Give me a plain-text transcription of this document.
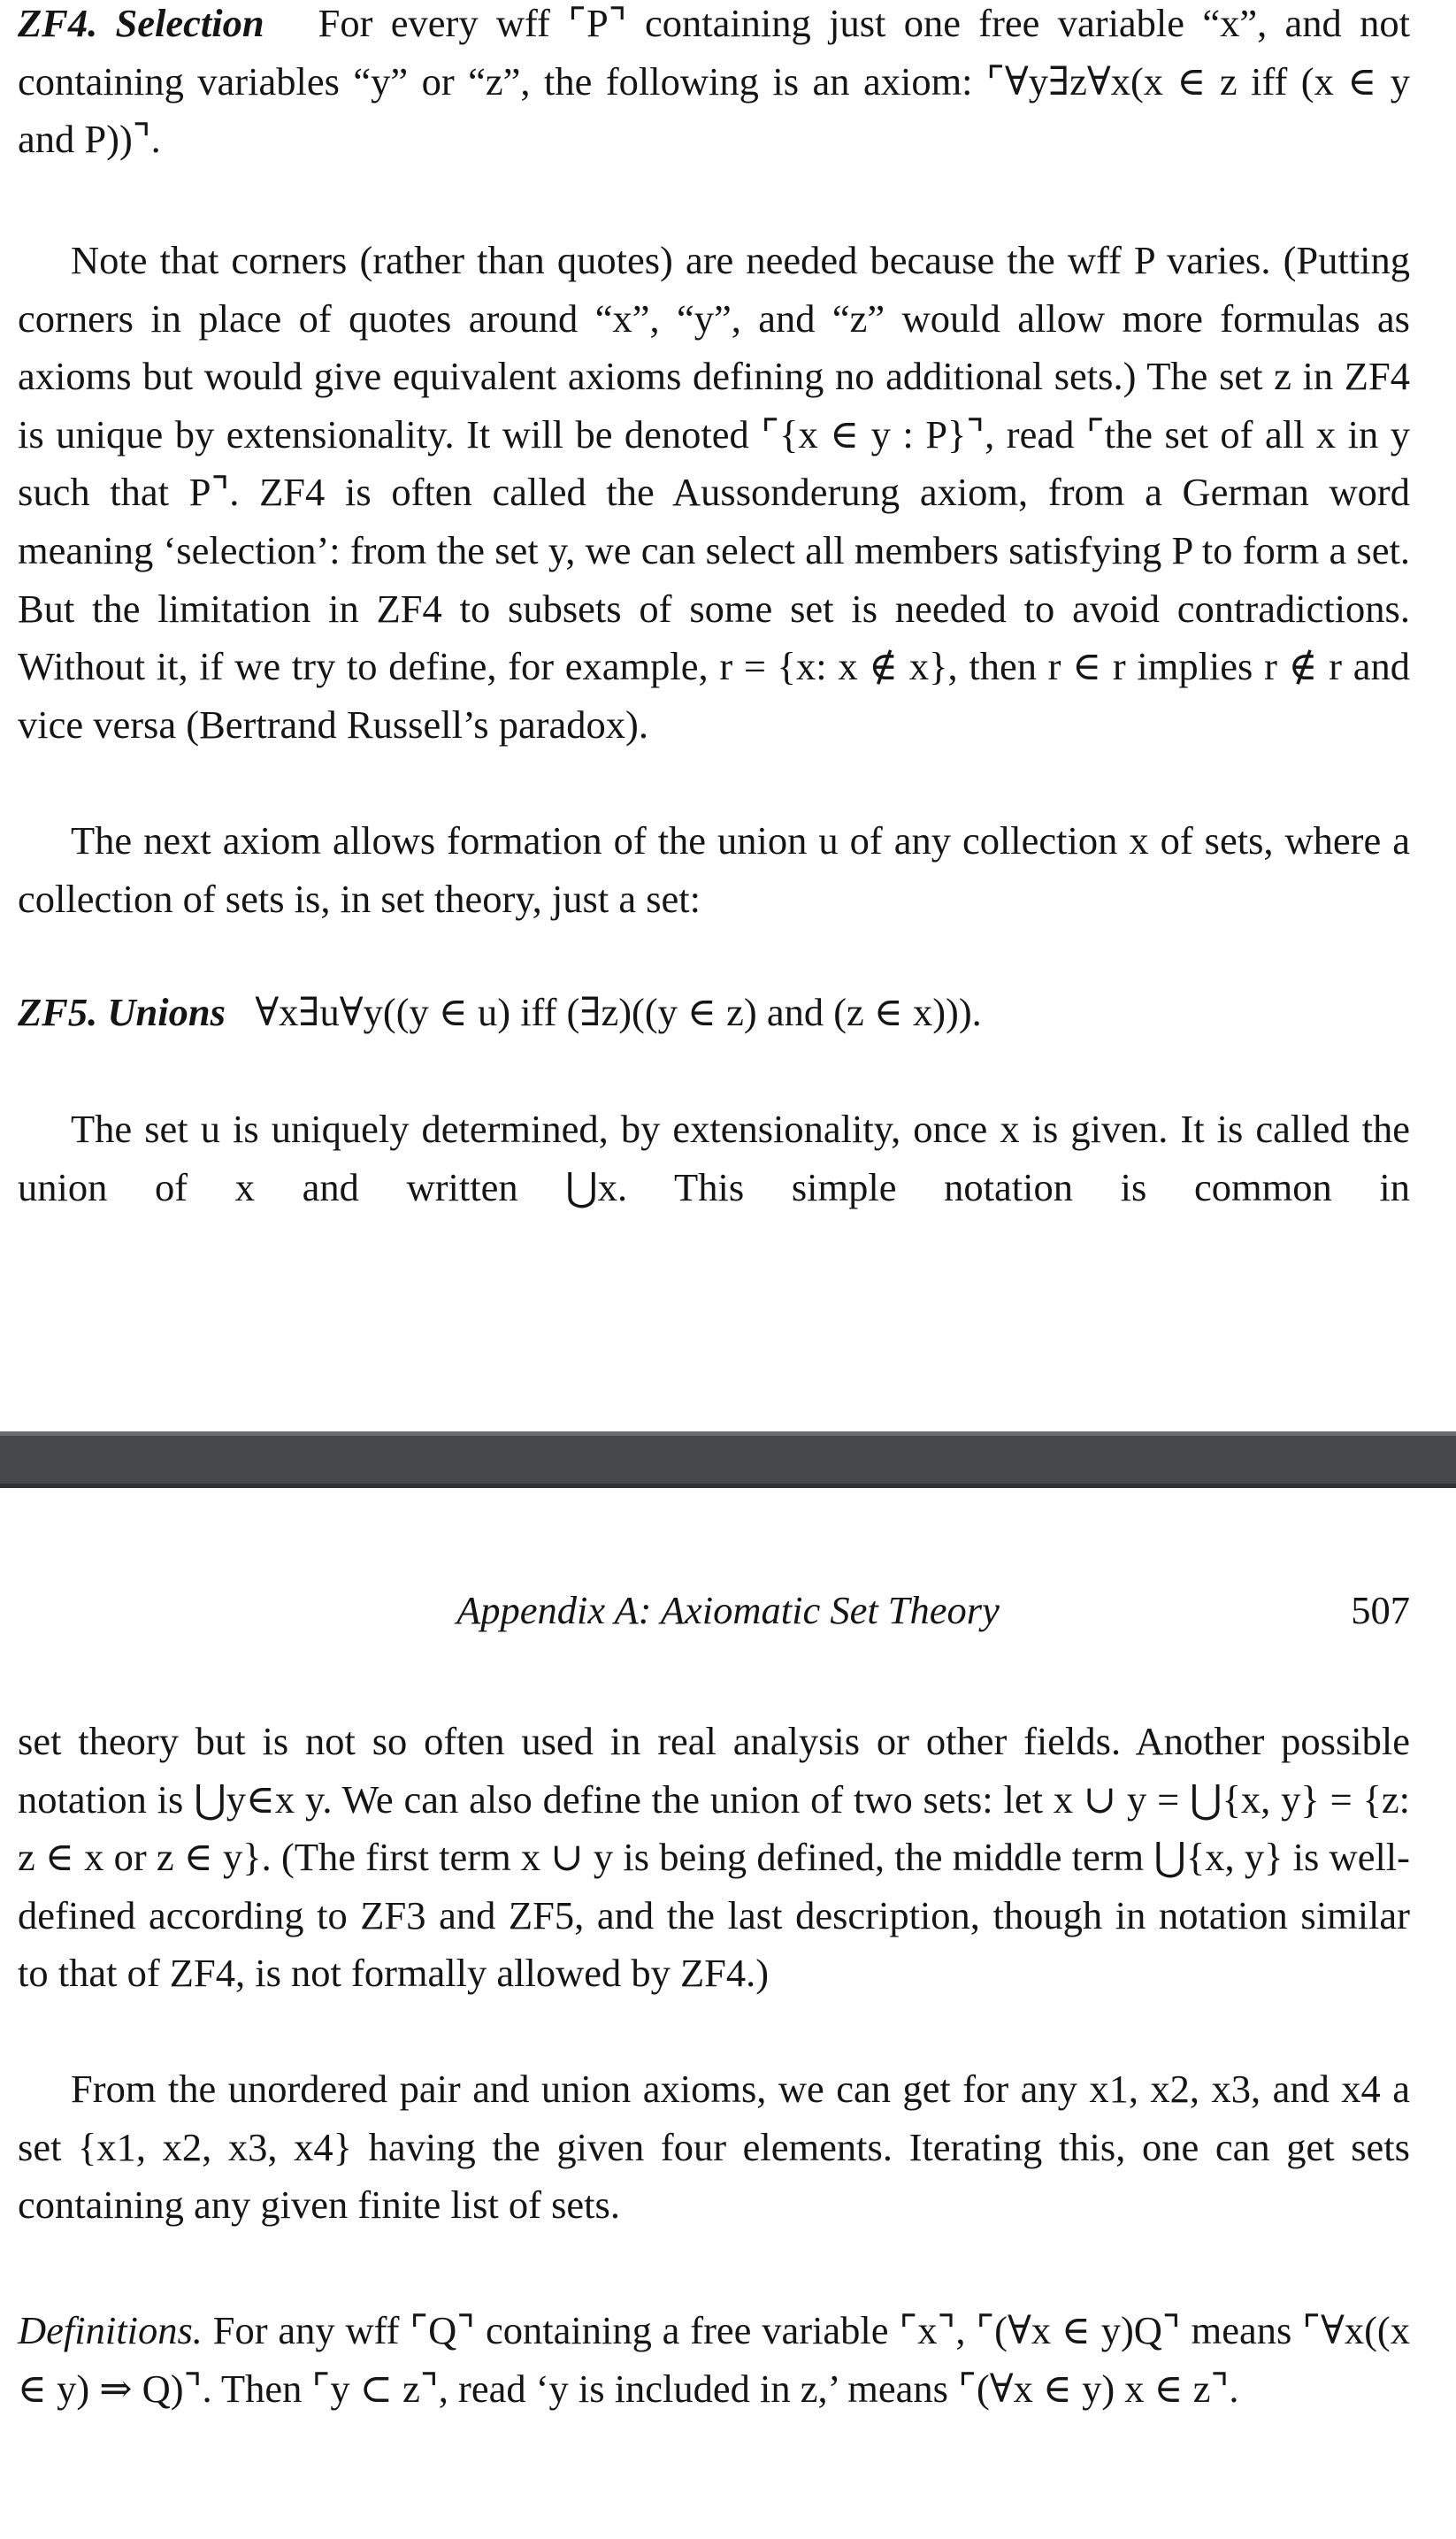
ZF4. Selection For every wff ⌜P⌝ containing just one free variable “x”, and not containing variables “y” or “z”, the following is an axiom: ⌜∀y∃z∀x(x ∈ z iff (x ∈ y and P))⌝.

Note that corners (rather than quotes) are needed because the wff P varies. (Putting corners in place of quotes around “x”, “y”, and “z” would allow more formulas as axioms but would give equivalent axioms defining no additional sets.) The set z in ZF4 is unique by extensionality. It will be denoted ⌜{x ∈ y : P}⌝, read ⌜the set of all x in y such that P⌝. ZF4 is often called the Aussonderung axiom, from a German word meaning ‘selection’: from the set y, we can select all members satisfying P to form a set. But the limitation in ZF4 to subsets of some set is needed to avoid contradictions. Without it, if we try to define, for example, r = {x: x ∉ x}, then r ∈ r implies r ∉ r and vice versa (Bertrand Russell’s paradox).

The next axiom allows formation of the union u of any collection x of sets, where a collection of sets is, in set theory, just a set:

ZF5. Unions ∀x∃u∀y((y ∈ u) iff (∃z)((y ∈ z) and (z ∈ x))).

The set u is uniquely determined, by extensionality, once x is given. It is called the union of x and written ⋃x. This simple notation is common in

Appendix A: Axiomatic Set Theory	507

set theory but is not so often used in real analysis or other fields. Another possible notation is ⋃y∈x y. We can also define the union of two sets: let x ∪ y = ⋃{x, y} = {z: z ∈ x or z ∈ y}. (The first term x ∪ y is being defined, the middle term ⋃{x, y} is well-defined according to ZF3 and ZF5, and the last description, though in notation similar to that of ZF4, is not formally allowed by ZF4.)

From the unordered pair and union axioms, we can get for any x1, x2, x3, and x4 a set {x1, x2, x3, x4} having the given four elements. Iterating this, one can get sets containing any given finite list of sets.

Definitions. For any wff ⌜Q⌝ containing a free variable ⌜x⌝, ⌜(∀x ∈ y)Q⌝ means ⌜∀x((x ∈ y) ⇒ Q)⌝. Then ⌜y ⊂ z⌝, read ‘y is included in z,’ means ⌜(∀x ∈ y) x ∈ z⌝.
